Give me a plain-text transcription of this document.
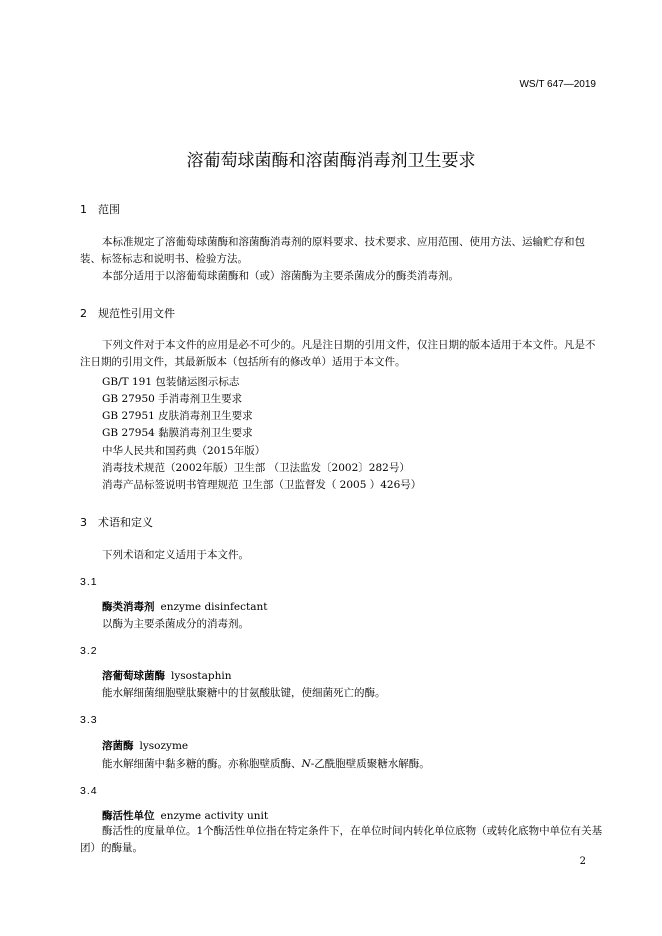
WS/T 647—2019
溶葡萄球菌酶和溶菌酶消毒剂卫生要求
1 范围
本标准规定了溶葡萄球菌酶和溶菌酶消毒剂的原料要求、技术要求、应用范围、使用方法、运输贮存和包装、标签标志和说明书、检验方法。
本部分适用于以溶葡萄球菌酶和（或）溶菌酶为主要杀菌成分的酶类消毒剂。
2 规范性引用文件
下列文件对于本文件的应用是必不可少的。凡是注日期的引用文件，仅注日期的版本适用于本文件。凡是不注日期的引用文件，其最新版本（包括所有的修改单）适用于本文件。
GB/T 191 包装储运图示标志
GB 27950 手消毒剂卫生要求
GB 27951 皮肤消毒剂卫生要求
GB 27954 黏膜消毒剂卫生要求
中华人民共和国药典（2015年版）
消毒技术规范（2002年版）卫生部 （卫法监发〔2002〕282号）
消毒产品标签说明书管理规范 卫生部（卫监督发（ 2005 ）426号）
3 术语和定义
下列术语和定义适用于本文件。
3.1
酶类消毒剂 enzyme disinfectant
以酶为主要杀菌成分的消毒剂。
3.2
溶葡萄球菌酶 lysostaphin
能水解细菌细胞壁肽聚糖中的甘氨酸肽键，使细菌死亡的酶。
3.3
溶菌酶 lysozyme
能水解细菌中黏多糖的酶。亦称胞壁质酶、N-乙酰胞壁质聚糖水解酶。
3.4
酶活性单位 enzyme activity unit
酶活性的度量单位。1个酶活性单位指在特定条件下，在单位时间内转化单位底物（或转化底物中单位有关基团）的酶量。
2
